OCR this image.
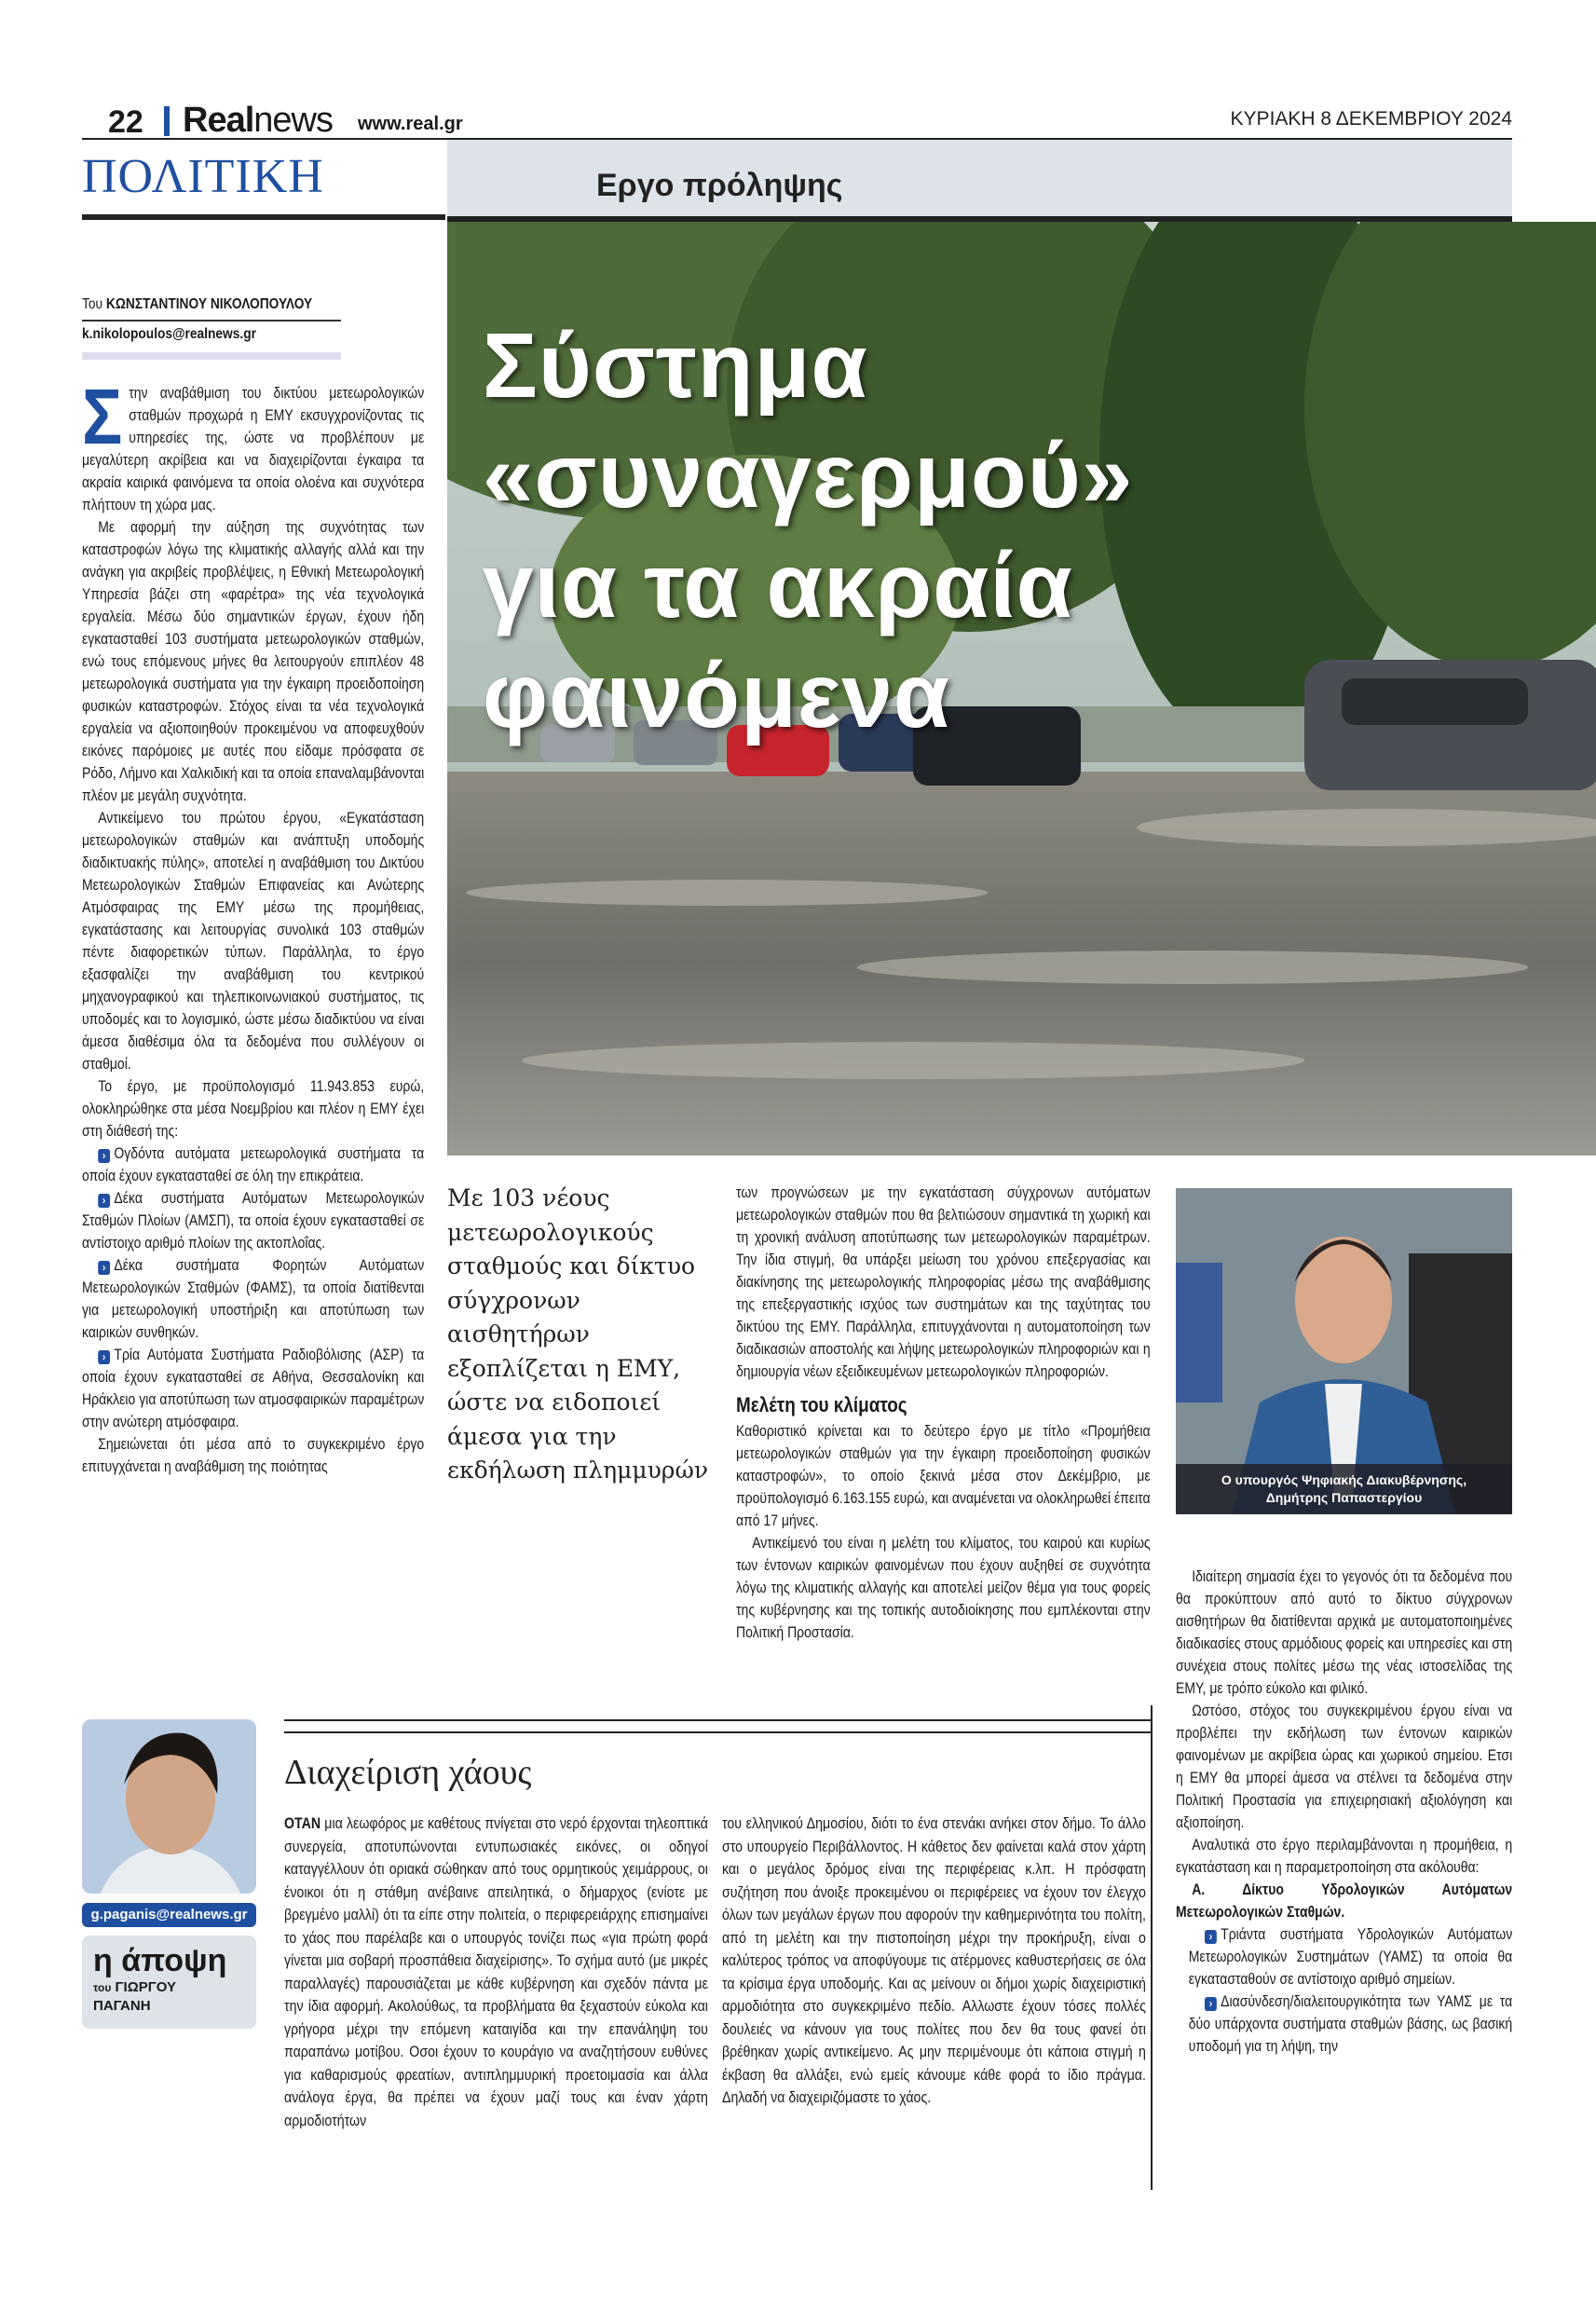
22 Realnews www.real.gr	ΚΥΡΙΑΚΗ 8 ΔΕΚΕΜΒΡΙΟΥ 2024
ΠΟΛΙΤΙΚΗ	Εργο πρόληψης
Σύστημα
«συναγερμού»
για τα ακραία
φαινόμενα
Του ΚΩΝΣΤΑΝΤΙΝΟΥ ΝΙΚΟΛΟΠΟΥΛΟΥ
k.nikolopoulos@realnews.gr

Στην αναβάθμιση του δικτύου μετεωρολογικών σταθμών προχωρά η ΕΜΥ εκσυγχρονίζοντας τις υπηρεσίες της, ώστε να προβλέπουν με μεγαλύτερη ακρίβεια και να διαχειρίζονται έγκαιρα τα ακραία καιρικά φαινόμενα τα οποία ολοένα και συχνότερα πλήττουν τη χώρα μας.

Με αφορμή την αύξηση της συχνότητας των καταστροφών λόγω της κλιματικής αλλαγής αλλά και την ανάγκη για ακριβείς προβλέψεις, η Εθνική Μετεωρολογική Υπηρεσία βάζει στη «φαρέτρα» της νέα τεχνολογικά εργαλεία. Μέσω δύο σημαντικών έργων, έχουν ήδη εγκατασταθεί 103 συστήματα μετεωρολογικών σταθμών, ενώ τους επόμενους μήνες θα λειτουργούν επιπλέον 48 μετεωρολογικά συστήματα για την έγκαιρη προειδοποίηση φυσικών καταστροφών. Στόχος είναι τα νέα τεχνολογικά εργαλεία να αξιοποιηθούν προκειμένου να αποφευχθούν εικόνες παρόμοιες με αυτές που είδαμε πρόσφατα σε Ρόδο, Λήμνο και Χαλκιδική και τα οποία επαναλαμβάνονται πλέον με μεγάλη συχνότητα.

Αντικείμενο του πρώτου έργου, «Εγκατάσταση μετεωρολογικών σταθμών και ανάπτυξη υποδομής διαδικτυακής πύλης», αποτελεί η αναβάθμιση του Δικτύου Μετεωρολογικών Σταθμών Επιφανείας και Ανώτερης Ατμόσφαιρας της ΕΜΥ μέσω της προμήθειας, εγκατάστασης και λειτουργίας συνολικά 103 σταθμών πέντε διαφορετικών τύπων. Παράλληλα, το έργο εξασφαλίζει την αναβάθμιση του κεντρικού μηχανογραφικού και τηλεπικοινωνιακού συστήματος, τις υποδομές και το λογισμικό, ώστε μέσω διαδικτύου να είναι άμεσα διαθέσιμα όλα τα δεδομένα που συλλέγουν οι σταθμοί.

Το έργο, με προϋπολογισμό 11.943.853 ευρώ, ολοκληρώθηκε στα μέσα Νοεμβρίου και πλέον η ΕΜΥ έχει στη διάθεσή της:

› Ογδόντα αυτόματα μετεωρολογικά συστήματα τα οποία έχουν εγκατασταθεί σε όλη την επικράτεια.

› Δέκα συστήματα Αυτόματων Μετεωρολογικών Σταθμών Πλοίων (ΑΜΣΠ), τα οποία έχουν εγκατασταθεί σε αντίστοιχο αριθμό πλοίων της ακτοπλοΐας.

› Δέκα συστήματα Φορητών Αυτόματων Μετεωρολογικών Σταθμών (ΦΑΜΣ), τα οποία διατίθενται για μετεωρολογική υποστήριξη και αποτύπωση των καιρικών συνθηκών.

› Τρία Αυτόματα Συστήματα Ραδιοβόλισης (ΑΣΡ) τα οποία έχουν εγκατασταθεί σε Αθήνα, Θεσσαλονίκη και Ηράκλειο για αποτύπωση των ατμοσφαιρικών παραμέτρων στην ανώτερη ατμόσφαιρα.

Σημειώνεται ότι μέσα από το συγκεκριμένο έργο επιτυγχάνεται η αναβάθμιση της ποιότητας

Με 103 νέους μετεωρολογικούς σταθμούς και δίκτυο σύγχρονων αισθητήρων εξοπλίζεται η ΕΜΥ, ώστε να ειδοποιεί άμεσα για την εκδήλωση πλημμυρών

των προγνώσεων με την εγκατάσταση σύγχρονων αυτόματων μετεωρολογικών σταθμών που θα βελτιώσουν σημαντικά τη χωρική και τη χρονική ανάλυση αποτύπωσης των μετεωρολογικών παραμέτρων. Την ίδια στιγμή, θα υπάρξει μείωση του χρόνου επεξεργασίας και διακίνησης της μετεωρολογικής πληροφορίας μέσω της αναβάθμισης της επεξεργαστικής ισχύος των συστημάτων και της ταχύτητας του δικτύου της ΕΜΥ. Παράλληλα, επιτυγχάνονται η αυτοματοποίηση των διαδικασιών αποστολής και λήψης μετεωρολογικών πληροφοριών και η δημιουργία νέων εξειδικευμένων μετεωρολογικών πληροφοριών.

Μελέτη του κλίματος

Καθοριστικό κρίνεται και το δεύτερο έργο με τίτλο «Προμήθεια μετεωρολογικών σταθμών για την έγκαιρη προειδοποίηση φυσικών καταστροφών», το οποίο ξεκινά μέσα στον Δεκέμβριο, με προϋπολογισμό 6.163.155 ευρώ, και αναμένεται να ολοκληρωθεί έπειτα από 17 μήνες.

Αντικείμενό του είναι η μελέτη του κλίματος, του καιρού και κυρίως των έντονων καιρικών φαινομένων που έχουν αυξηθεί σε συχνότητα λόγω της κλιματικής αλλαγής και αποτελεί μείζον θέμα για τους φορείς της κυβέρνησης και της τοπικής αυτοδιοίκησης που εμπλέκονται στην Πολιτική Προστασία.

Ο υπουργός Ψηφιακής Διακυβέρνησης,
Δημήτρης Παπαστεργίου

Ιδιαίτερη σημασία έχει το γεγονός ότι τα δεδομένα που θα προκύπτουν από αυτό το δίκτυο σύγχρονων αισθητήρων θα διατίθενται αρχικά με αυτοματοποιημένες διαδικασίες στους αρμόδιους φορείς και υπηρεσίες και στη συνέχεια στους πολίτες μέσω της νέας ιστοσελίδας της ΕΜΥ, με τρόπο εύκολο και φιλικό.

Ωστόσο, στόχος του συγκεκριμένου έργου είναι να προβλέπει την εκδήλωση των έντονων καιρικών φαινομένων με ακρίβεια ώρας και χωρικού σημείου. Ετσι η ΕΜΥ θα μπορεί άμεσα να στέλνει τα δεδομένα στην Πολιτική Προστασία για επιχειρησιακή αξιολόγηση και αξιοποίηση.

Αναλυτικά στο έργο περιλαμβάνονται η προμήθεια, η εγκατάσταση και η παραμετροποίηση στα ακόλουθα:

Α. Δίκτυο Υδρολογικών Αυτόματων Μετεωρολογικών Σταθμών.

› Τριάντα συστήματα Υδρολογικών Αυτόματων Μετεωρολογικών Συστημάτων (ΥΑΜΣ) τα οποία θα εγκατασταθούν σε αντίστοιχο αριθμό σημείων.

› Διασύνδεση/διαλειτουργικότητα των ΥΑΜΣ με τα δύο υπάρχοντα συστήματα σταθμών βάσης, ως βασική υποδομή για τη λήψη, την

g.paganis@realnews.gr
η άποψη
του ΓΙΩΡΓΟΥ
ΠΑΓΑΝΗ
Διαχείριση χάους
ΟΤΑΝ μια λεωφόρος με καθέτους πνίγεται στο νερό έρχονται τηλεοπτικά συνεργεία, αποτυπώνονται εντυπωσιακές εικόνες, οι οδηγοί καταγγέλλουν ότι οριακά σώθηκαν από τους ορμητικούς χειμάρρους, οι ένοικοι ότι η στάθμη ανέβαινε απειλητικά, ο δήμαρχος (ενίοτε με βρεγμένο μαλλί) ότι τα είπε στην πολιτεία, ο περιφερειάρχης επισημαίνει το χάος που παρέλαβε και ο υπουργός τονίζει πως «για πρώτη φορά γίνεται μια σοβαρή προσπάθεια διαχείρισης». Το σχήμα αυτό (με μικρές παραλλαγές) παρουσιάζεται με κάθε κυβέρνηση και σχεδόν πάντα με την ίδια αφορμή. Ακολούθως, τα προβλήματα θα ξεχαστούν εύκολα και γρήγορα μέχρι την επόμενη καταιγίδα και την επανάληψη του παραπάνω μοτίβου. Οσοι έχουν το κουράγιο να αναζητήσουν ευθύνες για καθαρισμούς φρεατίων, αντιπλημμυρική προετοιμασία και άλλα ανάλογα έργα, θα πρέπει να έχουν μαζί τους και έναν χάρτη αρμοδιοτήτων
του ελληνικού Δημοσίου, διότι το ένα στενάκι ανήκει στον δήμο. Το άλλο στο υπουργείο Περιβάλλοντος. Η κάθετος δεν φαίνεται καλά στον χάρτη και ο μεγάλος δρόμος είναι της περιφέρειας κ.λπ. Η πρόσφατη συζήτηση που άνοιξε προκειμένου οι περιφέρειες να έχουν τον έλεγχο όλων των μεγάλων έργων που αφορούν την καθημερινότητα του πολίτη, από τη μελέτη και την πιστοποίηση μέχρι την προκήρυξη, είναι ο καλύτερος τρόπος να αποφύγουμε τις ατέρμονες καθυστερήσεις σε όλα τα κρίσιμα έργα υποδομής. Και ας μείνουν οι δήμοι χωρίς διαχειριστική αρμοδιότητα στο συγκεκριμένο πεδίο. Αλλωστε έχουν τόσες πολλές δουλειές να κάνουν για τους πολίτες που δεν θα τους φανεί ότι βρέθηκαν χωρίς αντικείμενο. Ας μην περιμένουμε ότι κάποια στιγμή η έκβαση θα αλλάξει, ενώ εμείς κάνουμε κάθε φορά το ίδιο πράγμα. Δηλαδή να διαχειριζόμαστε το χάος.
